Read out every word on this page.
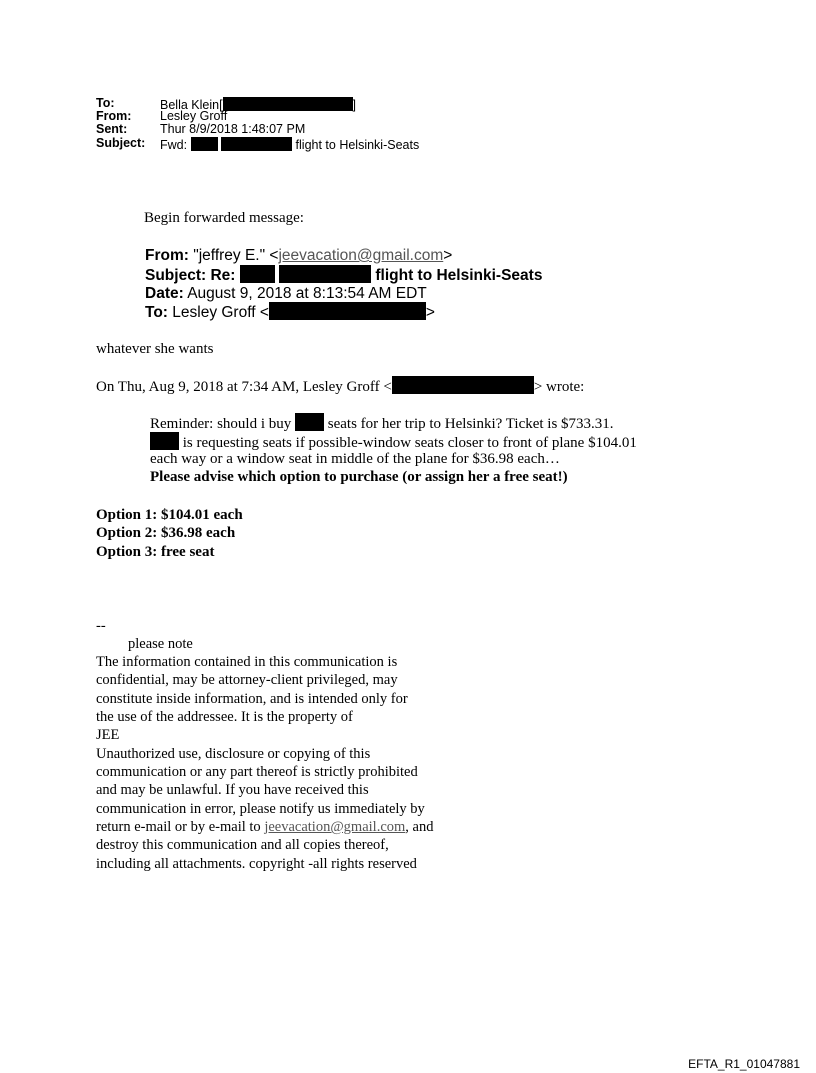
To:	Bella Klein[	]
From: Lesley Groff
Sent:	Thur 8/9/2018 1:48:07 PM
Subject: Fwd:	flight to Helsinki-Seats
Begin forwarded message:
From: "jeffrey E." <jeevacation@gmail.com>
Subject: Re:	flight to Helsinki-Seats
Date: August 9, 2018 at 8:13:54 AM EDT
To: Lesley Groff <	>
whatever she wants
On Thu, Aug 9, 2018 at 7:34 AM, Lesley Groff <	> wrote:
Reminder: should i buy seats for her trip to Helsinki? Ticket is $733.31.
is requesting seats if possible-window seats closer to front of plane $104.01
each way or a window seat in middle of the plane for $36.98 each…
Please advise which option to purchase (or assign her a free seat!)
Option 1: $104.01 each
Option 2: $36.98 each
Option 3: free seat
--
please note
The information contained in this communication is
confidential, may be attorney-client privileged, may
constitute inside information, and is intended only for
the use of the addressee. It is the property of
JEE
Unauthorized use, disclosure or copying of this
communication or any part thereof is strictly prohibited
and may be unlawful. If you have received this
communication in error, please notify us immediately by
return e-mail or by e-mail to jeevacation@gmail.com, and
destroy this communication and all copies thereof,
including all attachments. copyright -all rights reserved
EFTA_R1_01047881
